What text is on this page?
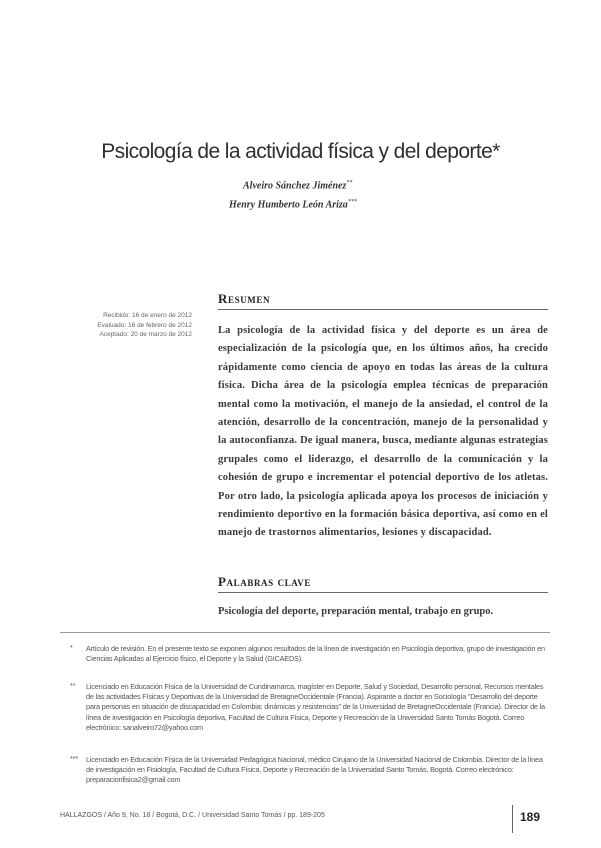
Psicología de la actividad física y del deporte*
Alveiro Sánchez Jiménez**
Henry Humberto León Ariza***
Recibido: 16 de enero de 2012
Evaluado: 16 de febrero de 2012
Aceptado: 20 de marzo de 2012
Resumen
La psicología de la actividad física y del deporte es un área de especialización de la psicología que, en los últimos años, ha crecido rápidamente como ciencia de apoyo en todas las áreas de la cultura física. Dicha área de la psicología emplea técnicas de preparación mental como la motivación, el manejo de la ansiedad, el control de la atención, desarrollo de la concentración, manejo de la personalidad y la autoconfianza. De igual manera, busca, mediante algunas estrategias grupales como el liderazgo, el desarrollo de la comunicación y la cohesión de grupo e incrementar el potencial deportivo de los atletas. Por otro lado, la psicología aplicada apoya los procesos de iniciación y rendimiento deportivo en la formación básica deportiva, así como en el manejo de trastornos alimentarios, lesiones y discapacidad.
Palabras clave
Psicología del deporte, preparación mental, trabajo en grupo.
* Artículo de revisión. En el presente texto se exponen algunos resultados de la línea de investigación en Psicología deportiva, grupo de investigación en Ciencias Aplicadas al Ejercicio físico, el Deporte y la Salud (GICAEDS).
** Licenciado en Educación Física de la Universidad de Cundinamarca, magíster en Deporte, Salud y Sociedad, Desarrollo personal, Recursos mentales de las actividades Físicas y Deportivas de la Universidad de BretagneOccidentale (Francia). Aspirante a doctor en Sociología "Desarrollo del deporte para personas en situación de discapacidad en Colombia: dinámicas y resistencias" de la Universidad de BretagneOccidentale (Francia). Director de la línea de investigación en Psicología deportiva, Facultad de Cultura Física, Deporte y Recreación de la Universidad Santo Tomás Bogotá. Correo electrónico: sanalveiro72@yahoo.com
*** Licenciado en Educación Física de la Universidad Pedagógica Nacional, médico Cirujano de la Universidad Nacional de Colombia. Director de la línea de investigación en Fisiología, Facultad de Cultura Física, Deporte y Recreación de la Universidad Santo Tomás, Bogotá. Correo electrónico: preparacionfisica2@gmail.com
HALLAZGOS / Año 9, No. 18 / Bogotá, D.C. / Universidad Santo Tomás / pp. 189-205	189
